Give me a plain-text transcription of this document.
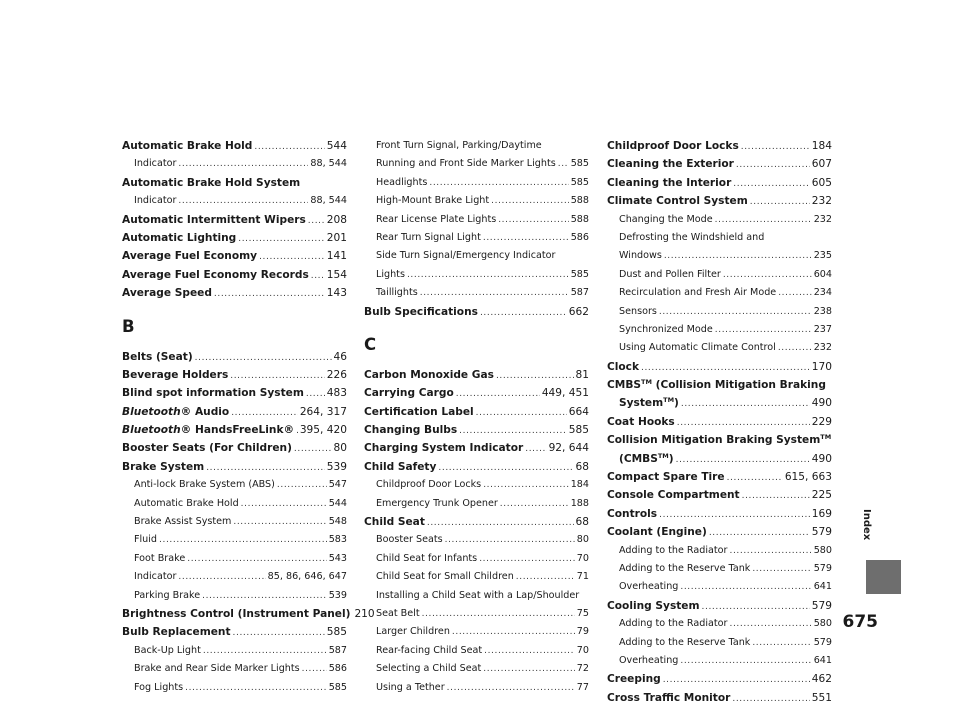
Automatic Brake Hold .....	544
Indicator .....	88, 544
Automatic Brake Hold System
Indicator .....	88, 544
Automatic Intermittent Wipers ..... 208
Automatic Lighting .....	201
Average Fuel Economy .....	141
Average Fuel Economy Records ..... 154
Average Speed .....	143
B
Belts (Seat) .....	46
Beverage Holders .....	226
Blind spot information System ..... 483
Bluetooth® Audio .....	264, 317
Bluetooth® HandsFreeLink® ..... 395, 420
Booster Seats (For Children) .....	80
Brake System .....	539
Anti-lock Brake System (ABS) .....	547
Automatic Brake Hold .....	544
Brake Assist System .....	548
Fluid .....	583
Foot Brake .....	543
Indicator .....	85, 86, 646, 647
Parking Brake .....	539
Brightness Control (Instrument Panel) 210
Bulb Replacement .....	585
Back-Up Light .....	587
Brake and Rear Side Marker Lights .....	586
Fog Lights .....	585
Front Turn Signal, Parking/Daytime
Running and Front Side Marker Lights ..... 585
Headlights .....	585
High-Mount Brake Light .....	588
Rear License Plate Lights .....	588
Rear Turn Signal Light .....	586
Side Turn Signal/Emergency Indicator
Lights .....	585
Taillights .....	587
Bulb Specifications .....	662
C
Carbon Monoxide Gas .....	81
Carrying Cargo .....	449, 451
Certification Label .....	664
Changing Bulbs .....	585
Charging System Indicator ..... 92, 644
Child Safety .....	68
Childproof Door Locks .....	184
Emergency Trunk Opener .....	188
Child Seat .....	68
Booster Seats .....	80
Child Seat for Infants .....	70
Child Seat for Small Children .....	71
Installing a Child Seat with a Lap/Shoulder
Seat Belt .....	75
Larger Children .....	79
Rear-facing Child Seat .....	70
Selecting a Child Seat .....	72
Using a Tether .....	77
Childproof Door Locks .....	184
Cleaning the Exterior .....	607
Cleaning the Interior .....	605
Climate Control System .....	232
Changing the Mode .....	232
Defrosting the Windshield and
Windows .....	235
Dust and Pollen Filter .....	604
Recirculation and Fresh Air Mode .....	234
Sensors .....	238
Synchronized Mode .....	237
Using Automatic Climate Control .....	232
Clock .....	170
CMBS™ (Collision Mitigation Braking
System™) .....	490
Coat Hooks .....	229
Collision Mitigation Braking System™
(CMBS™) .....	490
Compact Spare Tire .....	615, 663
Console Compartment .....	225
Controls .....	169
Coolant (Engine) .....	579
Adding to the Radiator .....	580
Adding to the Reserve Tank .....	579
Overheating .....	641
Cooling System .....	579
Adding to the Radiator .....	580
Adding to the Reserve Tank .....	579
Overheating .....	641
Creeping .....	462
Cross Traffic Monitor .....	551
Index
675
